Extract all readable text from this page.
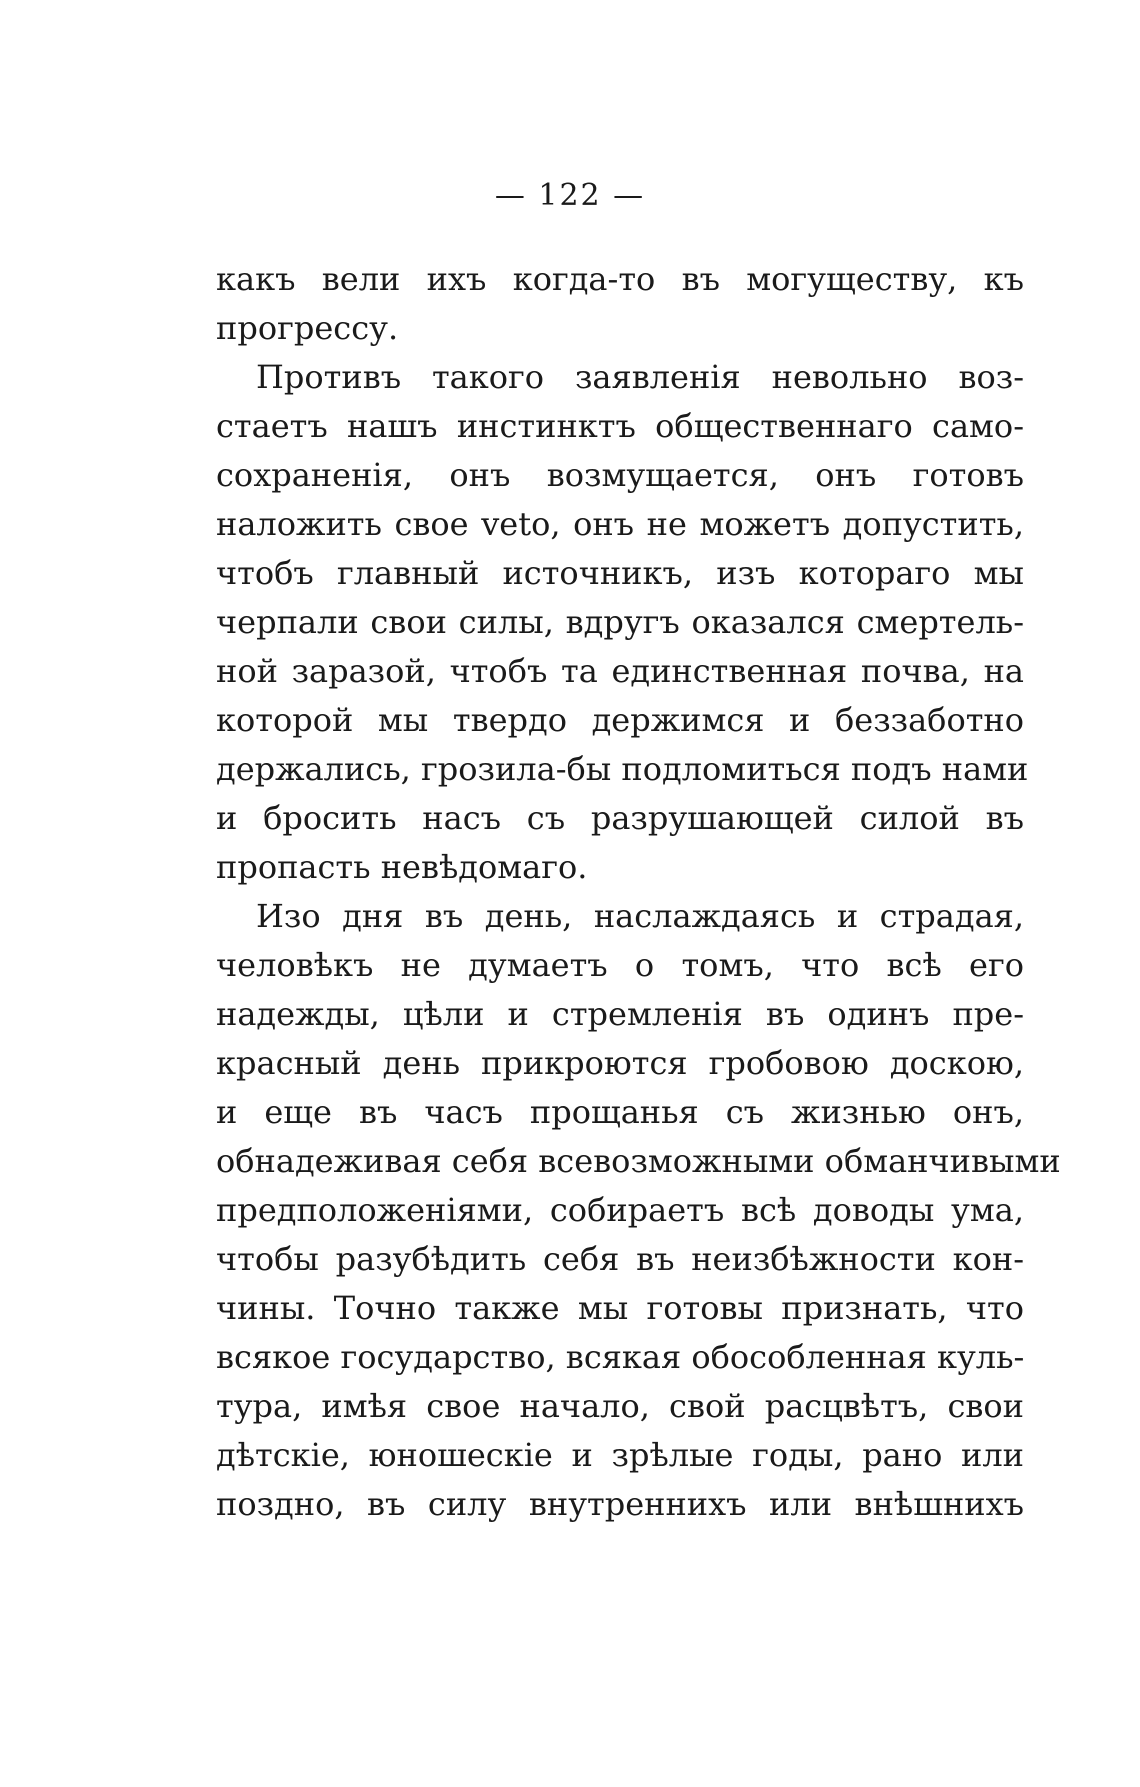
— 122 —
какъ вели ихъ когда-то въ могуществу, къ
прогрессу.
Противъ такого заявленія невольно воз-
стаетъ нашъ инстинктъ общественнаго само-
сохраненія, онъ возмущается, онъ готовъ
наложить свое veto, онъ не можетъ допустить,
чтобъ главный источникъ, изъ котораго мы
черпали свои силы, вдругъ оказался смертель-
ной заразой, чтобъ та единственная почва, на
которой мы твердо держимся и беззаботно
держались, грозила-бы подломиться подъ нами
и бросить насъ съ разрушающей силой въ
пропасть невѣдомаго.
Изо дня въ день, наслаждаясь и страдая,
человѣкъ не думаетъ о томъ, что всѣ его
надежды, цѣли и стремленія въ одинъ пре-
красный день прикроются гробовою доскою,
и еще въ часъ прощанья съ жизнью онъ,
обнадеживая себя всевозможными обманчивыми
предположеніями, собираетъ всѣ доводы ума,
чтобы разубѣдить себя въ неизбѣжности кон-
чины. Точно также мы готовы признать, что
всякое государство, всякая обособленная куль-
тура, имѣя свое начало, свой расцвѣтъ, свои
дѣтскіе, юношескіе и зрѣлые годы, рано или
поздно, въ силу внутреннихъ или внѣшнихъ
